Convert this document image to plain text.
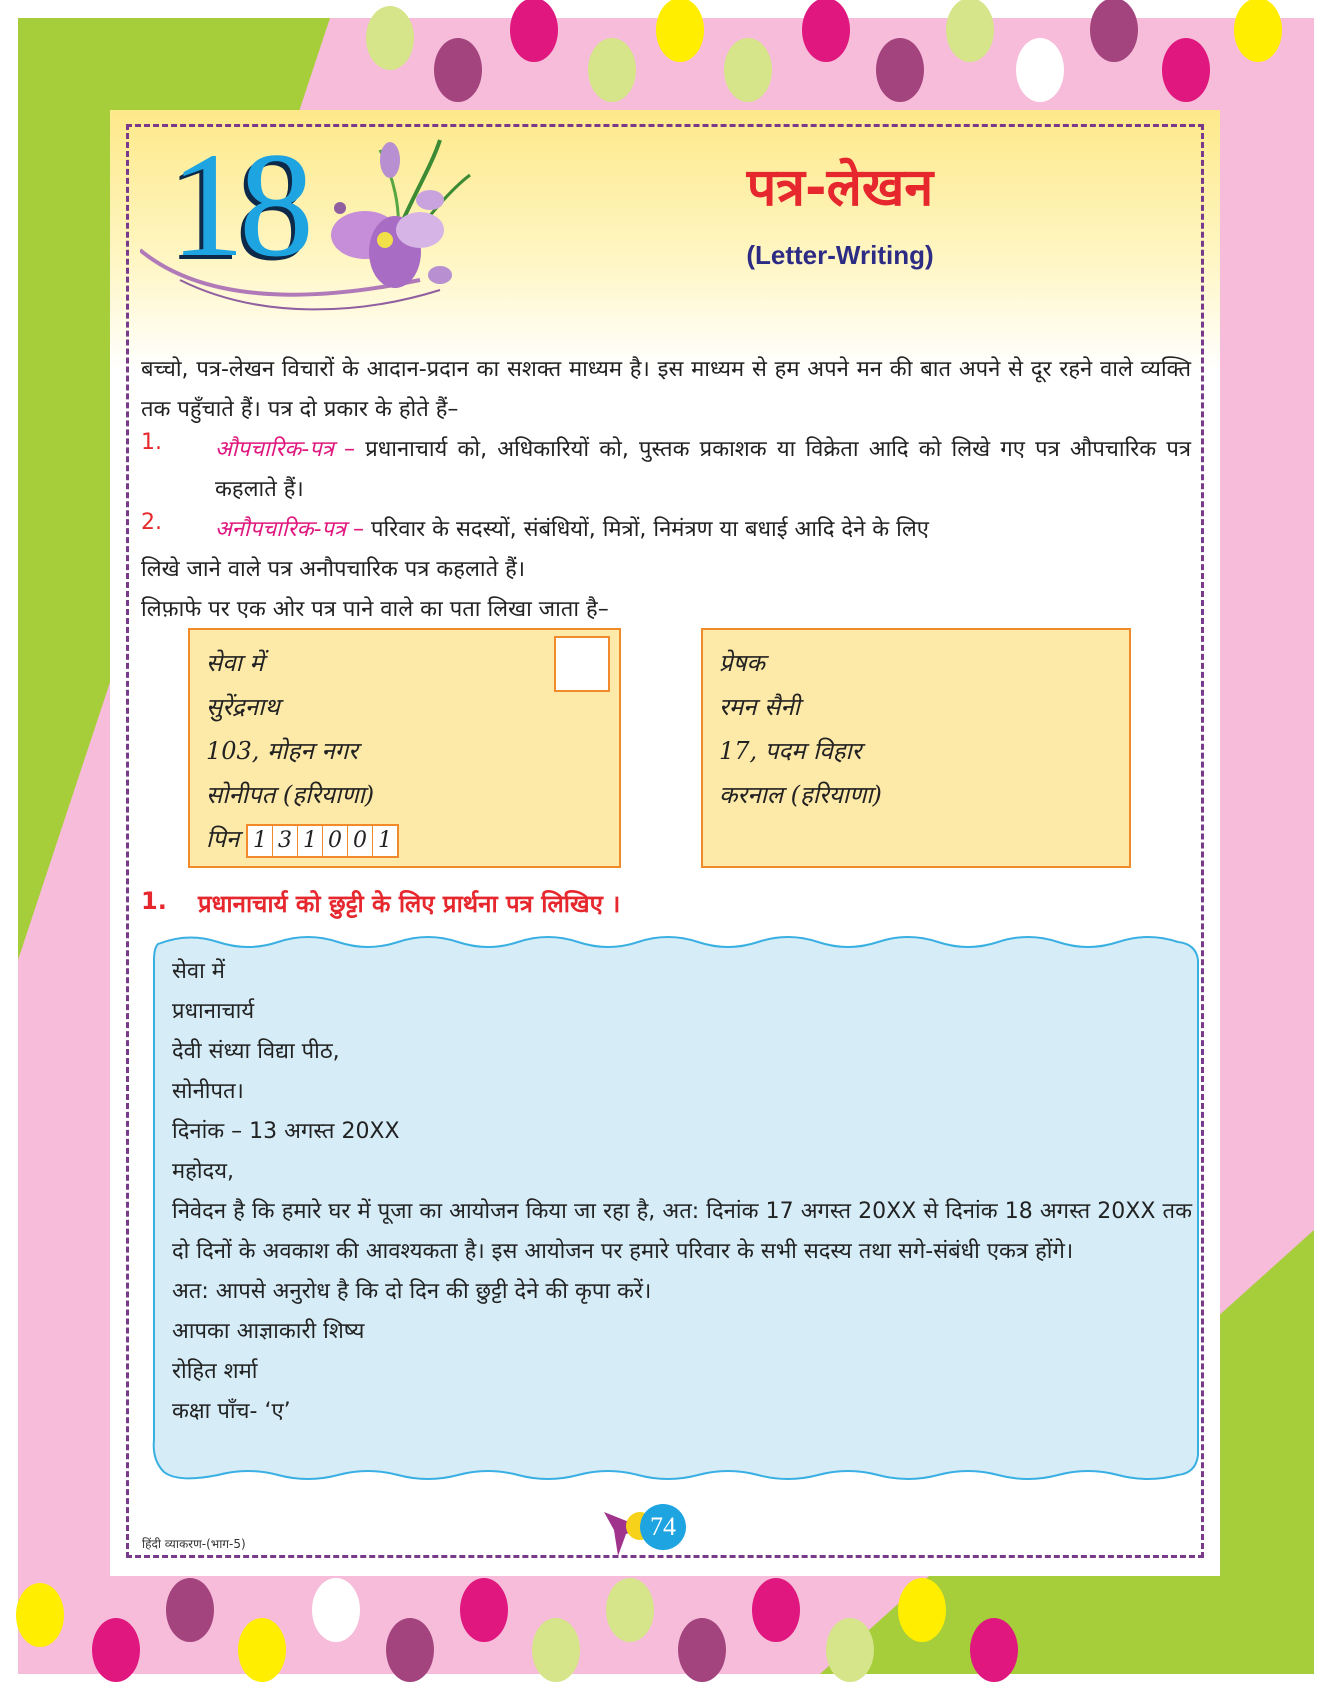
18	पत्र-लेखन
(Letter-Writing)
बच्चो, पत्र-लेखन विचारों के आदान-प्रदान का सशक्त माध्यम है। इस माध्यम से हम अपने मन की बात अपने से दूर रहने वाले व्यक्ति तक पहुँचाते हैं। पत्र दो प्रकार के होते हैं–
1. औपचारिक-पत्र – प्रधानाचार्य को, अधिकारियों को, पुस्तक प्रकाशक या विक्रेता आदि को लिखे गए पत्र औपचारिक पत्र कहलाते हैं।
2. अनौपचारिक-पत्र – परिवार के सदस्यों, संबंधियों, मित्रों, निमंत्रण या बधाई आदि देने के लिए
लिखे जाने वाले पत्र अनौपचारिक पत्र कहलाते हैं।
लिफ़ाफे पर एक ओर पत्र पाने वाले का पता लिखा जाता है–
सेवा में
सुरेंद्रनाथ
103, मोहन नगर
सोनीपत (हरियाणा)
पिन 1 3 1 0 0 1
प्रेषक
रमन सैनी
17, पदम विहार
करनाल (हरियाणा)
1. प्रधानाचार्य को छुट्टी के लिए प्रार्थना पत्र लिखिए ।
सेवा में
प्रधानाचार्य
देवी संध्या विद्या पीठ,
सोनीपत।
दिनांक – 13 अगस्त 20XX
महोदय,
निवेदन है कि हमारे घर में पूजा का आयोजन किया जा रहा है, अत: दिनांक 17 अगस्त 20XX से दिनांक 18 अगस्त 20XX तक दो दिनों के अवकाश की आवश्यकता है। इस आयोजन पर हमारे परिवार के सभी सदस्य तथा सगे-संबंधी एकत्र होंगे।
अत: आपसे अनुरोध है कि दो दिन की छुट्टी देने की कृपा करें।
आपका आज्ञाकारी शिष्य
रोहित शर्मा
कक्षा पाँच- ‘ए’
74
हिंदी व्याकरण-(भाग-5)
